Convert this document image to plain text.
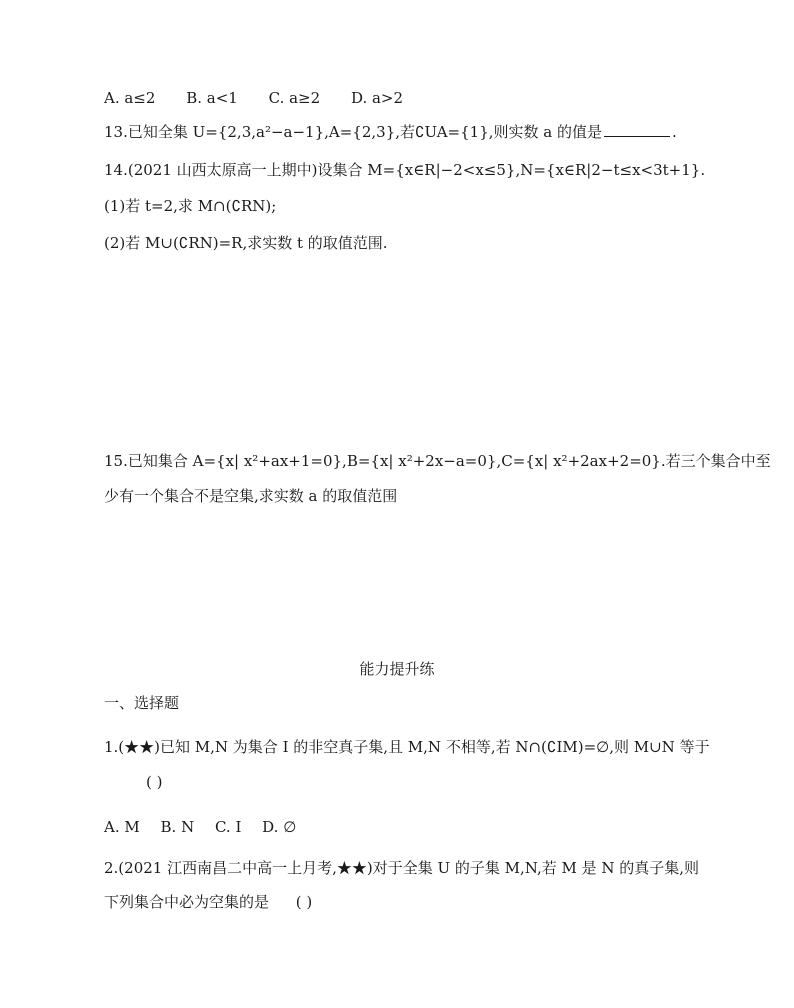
A. a≤2 B. a<1 C. a≥2 D. a>2
13.已知全集 U={2,3,a²−a−1},A={2,3},若∁UA={1},则实数 a 的值是	.
14.(2021 山西太原高一上期中)设集合 M={x∈R|−2<x≤5},N={x∈R|2−t≤x<3t+1}.
(1)若 t=2,求 M∩(∁RN);
(2)若 M∪(∁RN)=R,求实数 t 的取值范围.
15.已知集合 A={x| x²+ax+1=0},B={x| x²+2x−a=0},C={x| x²+2ax+2=0}.若三个集合中至
少有一个集合不是空集,求实数 a 的取值范围
能力提升练
一、选择题
1.(★★)已知 M,N 为集合 I 的非空真子集,且 M,N 不相等,若 N∩(∁IM)=∅,则 M∪N 等于
( )
A. M B. N C. I D. ∅
2.(2021 江西南昌二中高一上月考,★★)对于全集 U 的子集 M,N,若 M 是 N 的真子集,则
下列集合中必为空集的是 ( )
